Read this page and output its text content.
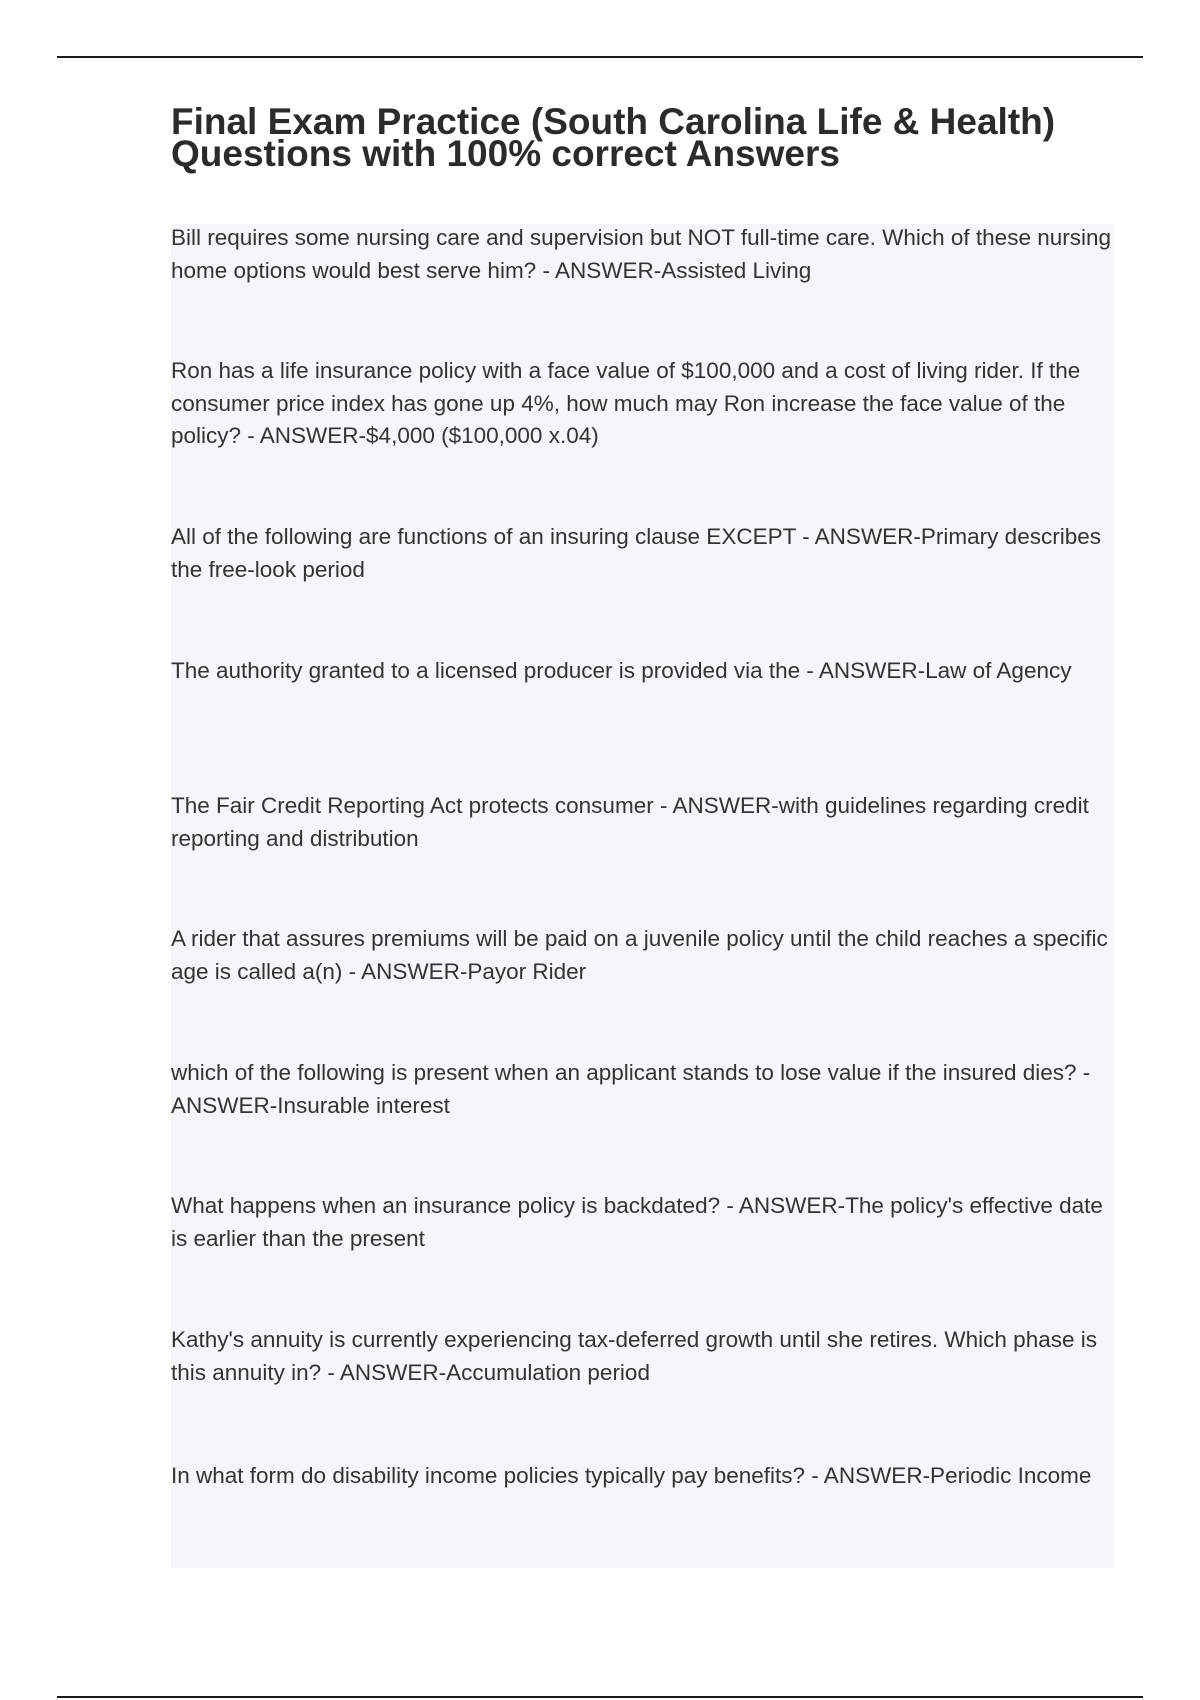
Final Exam Practice (South Carolina Life & Health) Questions with 100% correct Answers

Bill requires some nursing care and supervision but NOT full-time care. Which of these nursing home options would best serve him? - ANSWER-Assisted Living

Ron has a life insurance policy with a face value of $100,000 and a cost of living rider. If the consumer price index has gone up 4%, how much may Ron increase the face value of the policy? - ANSWER-$4,000 ($100,000 x.04)

All of the following are functions of an insuring clause EXCEPT - ANSWER-Primary describes the free-look period

The authority granted to a licensed producer is provided via the - ANSWER-Law of Agency

The Fair Credit Reporting Act protects consumer - ANSWER-with guidelines regarding credit reporting and distribution

A rider that assures premiums will be paid on a juvenile policy until the child reaches a specific age is called a(n) - ANSWER-Payor Rider

which of the following is present when an applicant stands to lose value if the insured dies? - ANSWER-Insurable interest

What happens when an insurance policy is backdated? - ANSWER-The policy's effective date is earlier than the present

Kathy's annuity is currently experiencing tax-deferred growth until she retires. Which phase is this annuity in? - ANSWER-Accumulation period

In what form do disability income policies typically pay benefits? - ANSWER-Periodic Income
